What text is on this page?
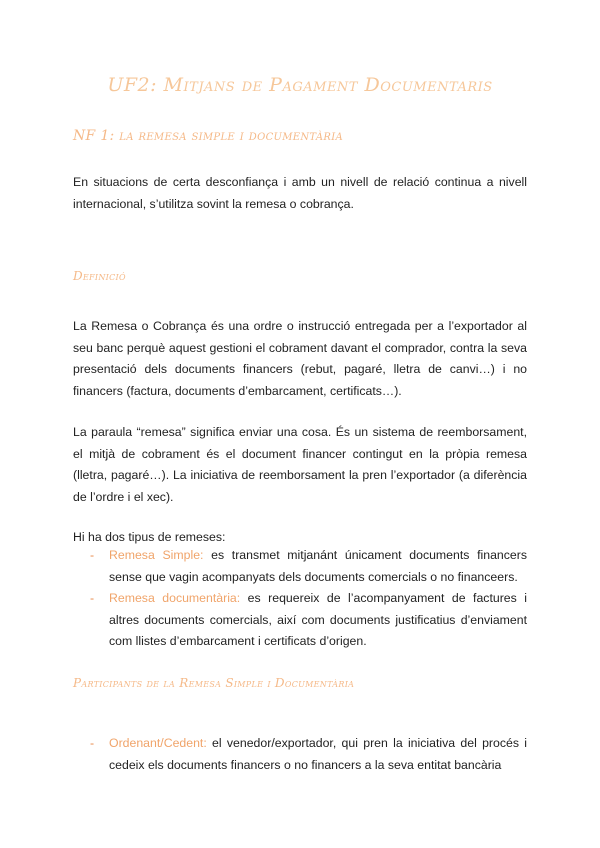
UF2: Mitjans de Pagament Documentaris
NF 1: la remesa simple i documentària
En situacions de certa desconfiança i amb un nivell de relació continua a nivell internacional, s’utilitza sovint la remesa o cobrança.
Definició
La Remesa o Cobrança és una ordre o instrucció entregada per a l’exportador al seu banc perquè aquest gestioni el cobrament davant el comprador, contra la seva presentació dels documents financers (rebut, pagaré, lletra de canvi…) i no financers (factura, documents d’embarcament, certificats…).
La paraula “remesa” significa enviar una cosa. És un sistema de reemborsament, el mitjà de cobrament és el document financer contingut en la pròpia remesa (lletra, pagaré…). La iniciativa de reemborsament la pren l’exportador (a diferència de l’ordre i el xec).
Hi ha dos tipus de remeses:
- Remesa Simple: es transmet mitjanánt únicament documents financers sense que vagin acompanyats dels documents comercials o no financeers.
- Remesa documentària: es requereix de l’acompanyament de factures i altres documents comercials, així com documents justificatius d’enviament com llistes d’embarcament i certificats d’origen.
Participants de la Remesa Simple i Documentària
- Ordenant/Cedent: el venedor/exportador, qui pren la iniciativa del procés i cedeix els documents financers o no financers a la seva entitat bancària
